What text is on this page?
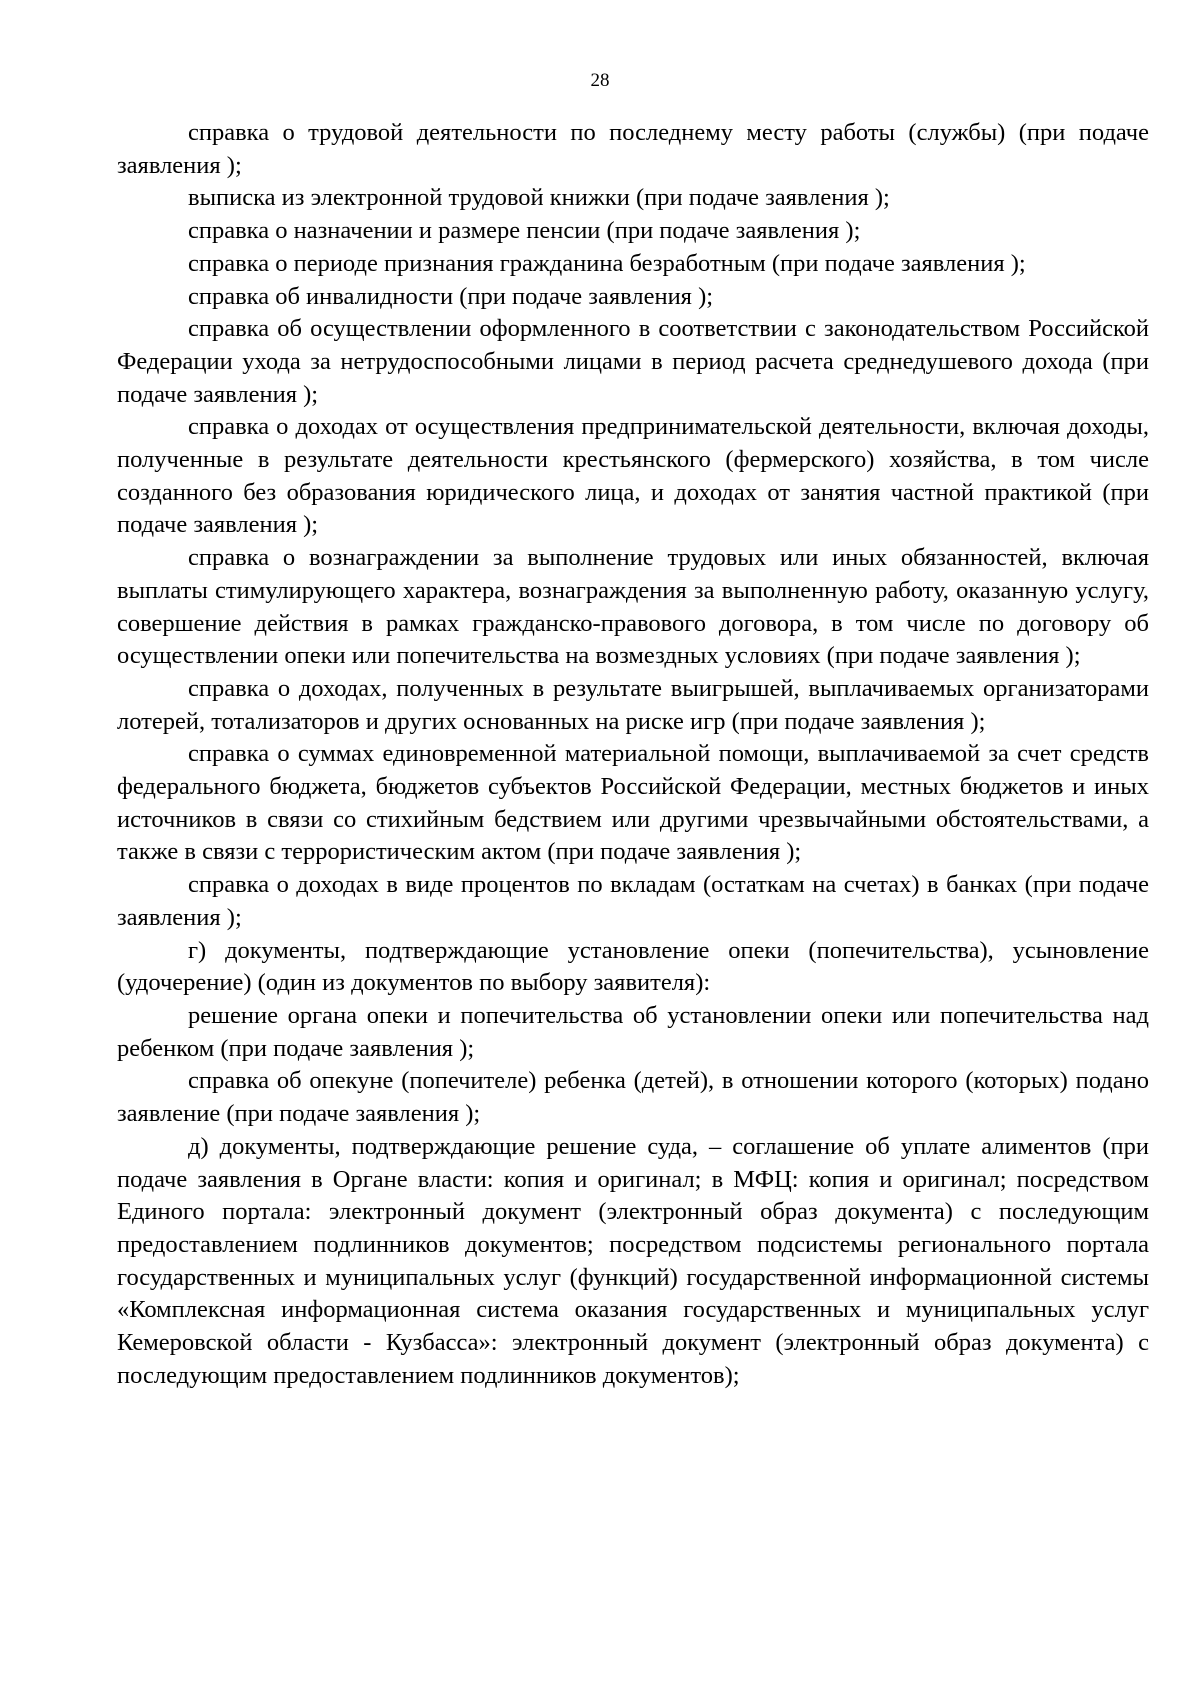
28

справка о трудовой деятельности по последнему месту работы (службы) (при подаче заявления );

выписка из электронной трудовой книжки (при подаче заявления );

справка о назначении и размере пенсии (при подаче заявления );

справка о периоде признания гражданина безработным (при подаче заявления );

справка об инвалидности (при подаче заявления );

справка об осуществлении оформленного в соответствии с законодательством Российской Федерации ухода за нетрудоспособными лицами в период расчета среднедушевого дохода (при подаче заявления );

справка о доходах от осуществления предпринимательской деятельности, включая доходы, полученные в результате деятельности крестьянского (фермерского) хозяйства, в том числе созданного без образования юридического лица, и доходах от занятия частной практикой (при подаче заявления );

справка о вознаграждении за выполнение трудовых или иных обязанностей, включая выплаты стимулирующего характера, вознаграждения за выполненную работу, оказанную услугу, совершение действия в рамках гражданско-правового договора, в том числе по договору об осуществлении опеки или попечительства на возмездных условиях (при подаче заявления );

справка о доходах, полученных в результате выигрышей, выплачиваемых организаторами лотерей, тотализаторов и других основанных на риске игр (при подаче заявления );

справка о суммах единовременной материальной помощи, выплачиваемой за счет средств федерального бюджета, бюджетов субъектов Российской Федерации, местных бюджетов и иных источников в связи со стихийным бедствием или другими чрезвычайными обстоятельствами, а также в связи с террористическим актом (при подаче заявления );

справка о доходах в виде процентов по вкладам (остаткам на счетах) в банках (при подаче заявления );

г) документы, подтверждающие установление опеки (попечительства), усыновление (удочерение) (один из документов по выбору заявителя):

решение органа опеки и попечительства об установлении опеки или попечительства над ребенком (при подаче заявления );

справка об опекуне (попечителе) ребенка (детей), в отношении которого (которых) подано заявление (при подаче заявления );

д) документы, подтверждающие решение суда, – соглашение об уплате алиментов (при подаче заявления в Органе власти: копия и оригинал; в МФЦ: копия и оригинал; посредством Единого портала: электронный документ (электронный образ документа) с последующим предоставлением подлинников документов; посредством подсистемы регионального портала государственных и муниципальных услуг (функций) государственной информационной системы «Комплексная информационная система оказания государственных и муниципальных услуг Кемеровской области - Кузбасса»: электронный документ (электронный образ документа) с последующим предоставлением подлинников документов);
